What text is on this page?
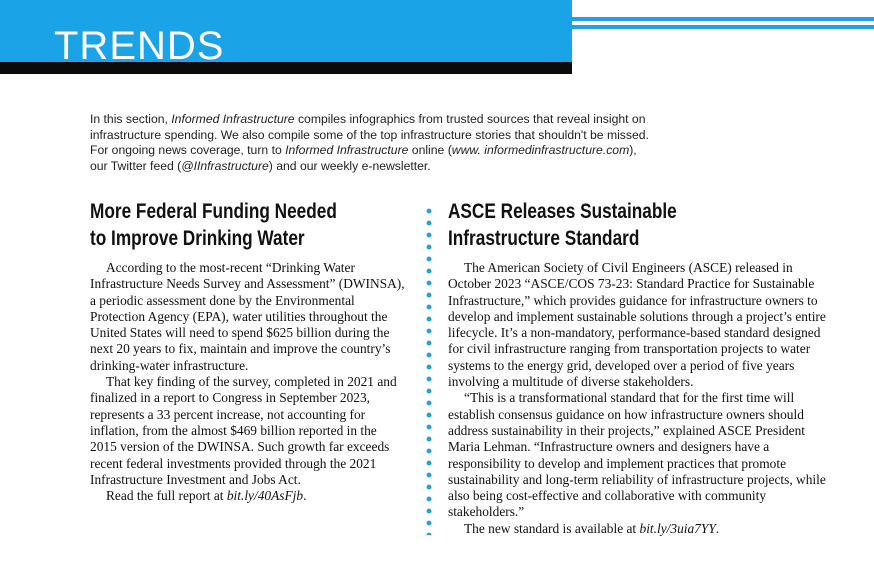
TRENDS

In this section, Informed Infrastructure compiles infographics from trusted sources that reveal insight on infrastructure spending. We also compile some of the top infrastructure stories that shouldn't be missed. For ongoing news coverage, turn to Informed Infrastructure online (www. informedinfrastructure.com), our Twitter feed (@IInfrastructure) and our weekly e-newsletter.

More Federal Funding Needed
to Improve Drinking Water

According to the most-recent “Drinking Water Infrastructure Needs Survey and Assessment” (DWINSA), a periodic assessment done by the Environmental Protection Agency (EPA), water utilities throughout the United States will need to spend $625 billion during the next 20 years to fix, maintain and improve the country’s drinking-water infrastructure.

That key finding of the survey, completed in 2021 and finalized in a report to Congress in September 2023, represents a 33 percent increase, not accounting for inflation, from the almost $469 billion reported in the 2015 version of the DWINSA. Such growth far exceeds recent federal investments provided through the 2021 Infrastructure Investment and Jobs Act.

Read the full report at bit.ly/40AsFjb.

ASCE Releases Sustainable
Infrastructure Standard

The American Society of Civil Engineers (ASCE) released in October 2023 “ASCE/COS 73-23: Standard Practice for Sustainable Infrastructure,” which provides guidance for infrastructure owners to develop and implement sustainable solutions through a project’s entire lifecycle. It’s a non-mandatory, performance-based standard designed for civil infrastructure ranging from transportation projects to water systems to the energy grid, developed over a period of five years involving a multitude of diverse stakeholders.

“This is a transformational standard that for the first time will establish consensus guidance on how infrastructure owners should address sustainability in their projects,” explained ASCE President Maria Lehman. “Infrastructure owners and designers have a responsibility to develop and implement practices that promote sustainability and long-term reliability of infrastructure projects, while also being cost-effective and collaborative with community stakeholders.”

The new standard is available at bit.ly/3uia7YY.
